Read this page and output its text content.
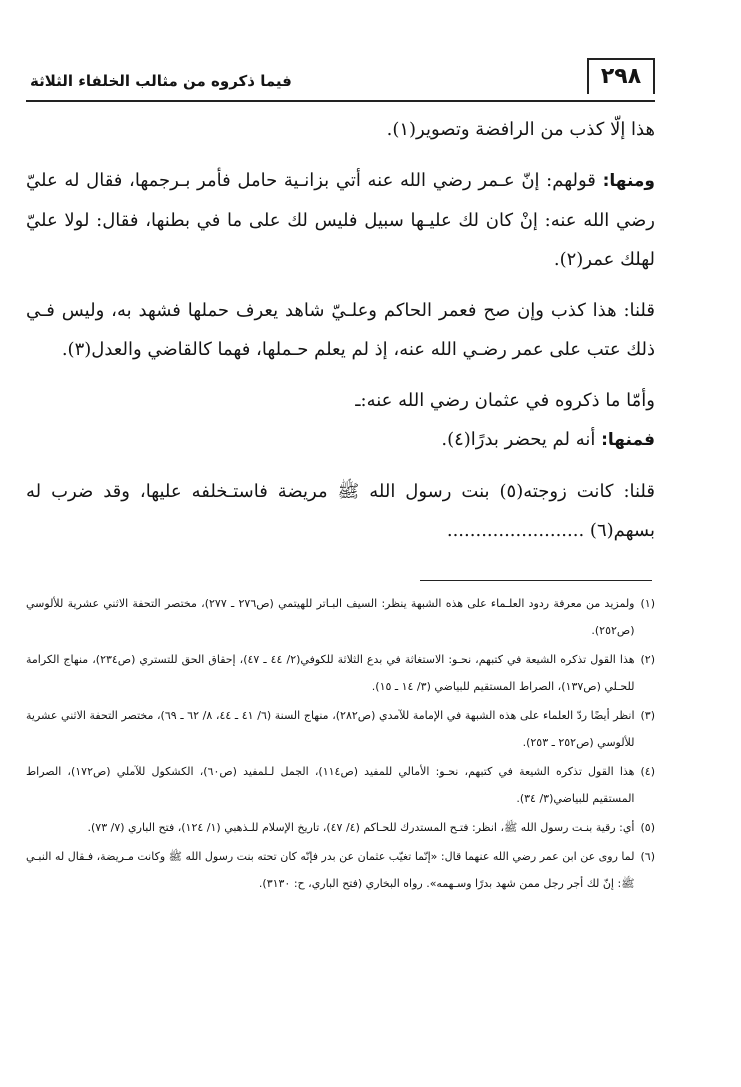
٢٩٨
فيما ذكروه من مثالب الخلفاء الثلاثة

هذا إلّا كذب من الرافضة وتصوير(١).

ومنها: قولهم: إنّ عـمر رضي الله عنه أتي بزانـية حامل فأمر بـرجمها، فقال له عليّ رضي الله عنه: إنْ كان لك عليـها سبيل فليس لك على ما في بطنها، فقال: لولا عليّ لهلك عمر(٢).

قلنا: هذا كذب وإن صح فعمر الحاكم وعلـيّ شاهد يعرف حملها فشهد به، وليس فـي ذلك عتب على عمر رضـي الله عنه، إذ لم يعلم حـملها، فهما كالقاضي والعدل(٣).

وأمّا ما ذكروه في عثمان رضي الله عنه:ـ

فمنها: أنه لم يحضر بدرًا(٤).

قلنا: كانت زوجته(٥) بنت رسول الله ﷺ مريضة فاستـخلفه عليها، وقد ضرب له بسهم(٦) ........................

(١)
ولمزيد من معرفة ردود العلـماء على هذه الشبهة ينظر: السيف البـاتر للهيتمي (ص٢٧٦ ـ ٢٧٧)، مختصر التحفة الاثني عشرية للألوسي (ص٢٥٢).
(٢)
هذا القول تذكره الشيعة في كتبهم، نحـو: الاستغاثة في بدع الثلاثة للكوفي(٢/ ٤٤ ـ ٤٧)، إحقاق الحق للتستري (ص٢٣٤)، منهاج الكرامة للحـلي (ص١٣٧)، الصراط المستقيم للبياضي (٣/ ١٤ ـ ١٥).
(٣)
انظر أيضًا ردّ العلماء على هذه الشبهة في الإمامة للآمدي (ص٢٨٢)، منهاج السنة (٦/ ٤١ ـ ٤٤، ٨/ ٦٢ ـ ٦٩)، مختصر التحفة الاثني عشرية للألوسي (ص٢٥٢ ـ ٢٥٣).
(٤)
هذا القول تذكره الشيعة في كتبهم، نحـو: الأمالي للمفيد (ص١١٤)، الجمل لـلمفيد (ص٦٠)، الكشكول للآملي (ص١٧٢)، الصراط المستقيم للبياضي(٣/ ٣٤).
(٥)
أي: رقية بنـت رسول الله ﷺ، انظر: فتـح المستدرك للحـاكم (٤/ ٤٧)، تاريخ الإسلام للـذهبي (١/ ١٢٤)، فتح الباري (٧/ ٧٣).
(٦)
لما روى عن ابن عمر رضي الله عنهما قال: «إنّما تغيّب عثمان عن بدر فإنّه كان تحته بنت رسول الله ﷺ وكانت مـريضة، فـقال له النبـي ﷺ: إنّ لك أجر رجل ممن شهد بدرًا وسـهمه». رواه البخاري (فتح الباري، ح: ٣١٣٠).
